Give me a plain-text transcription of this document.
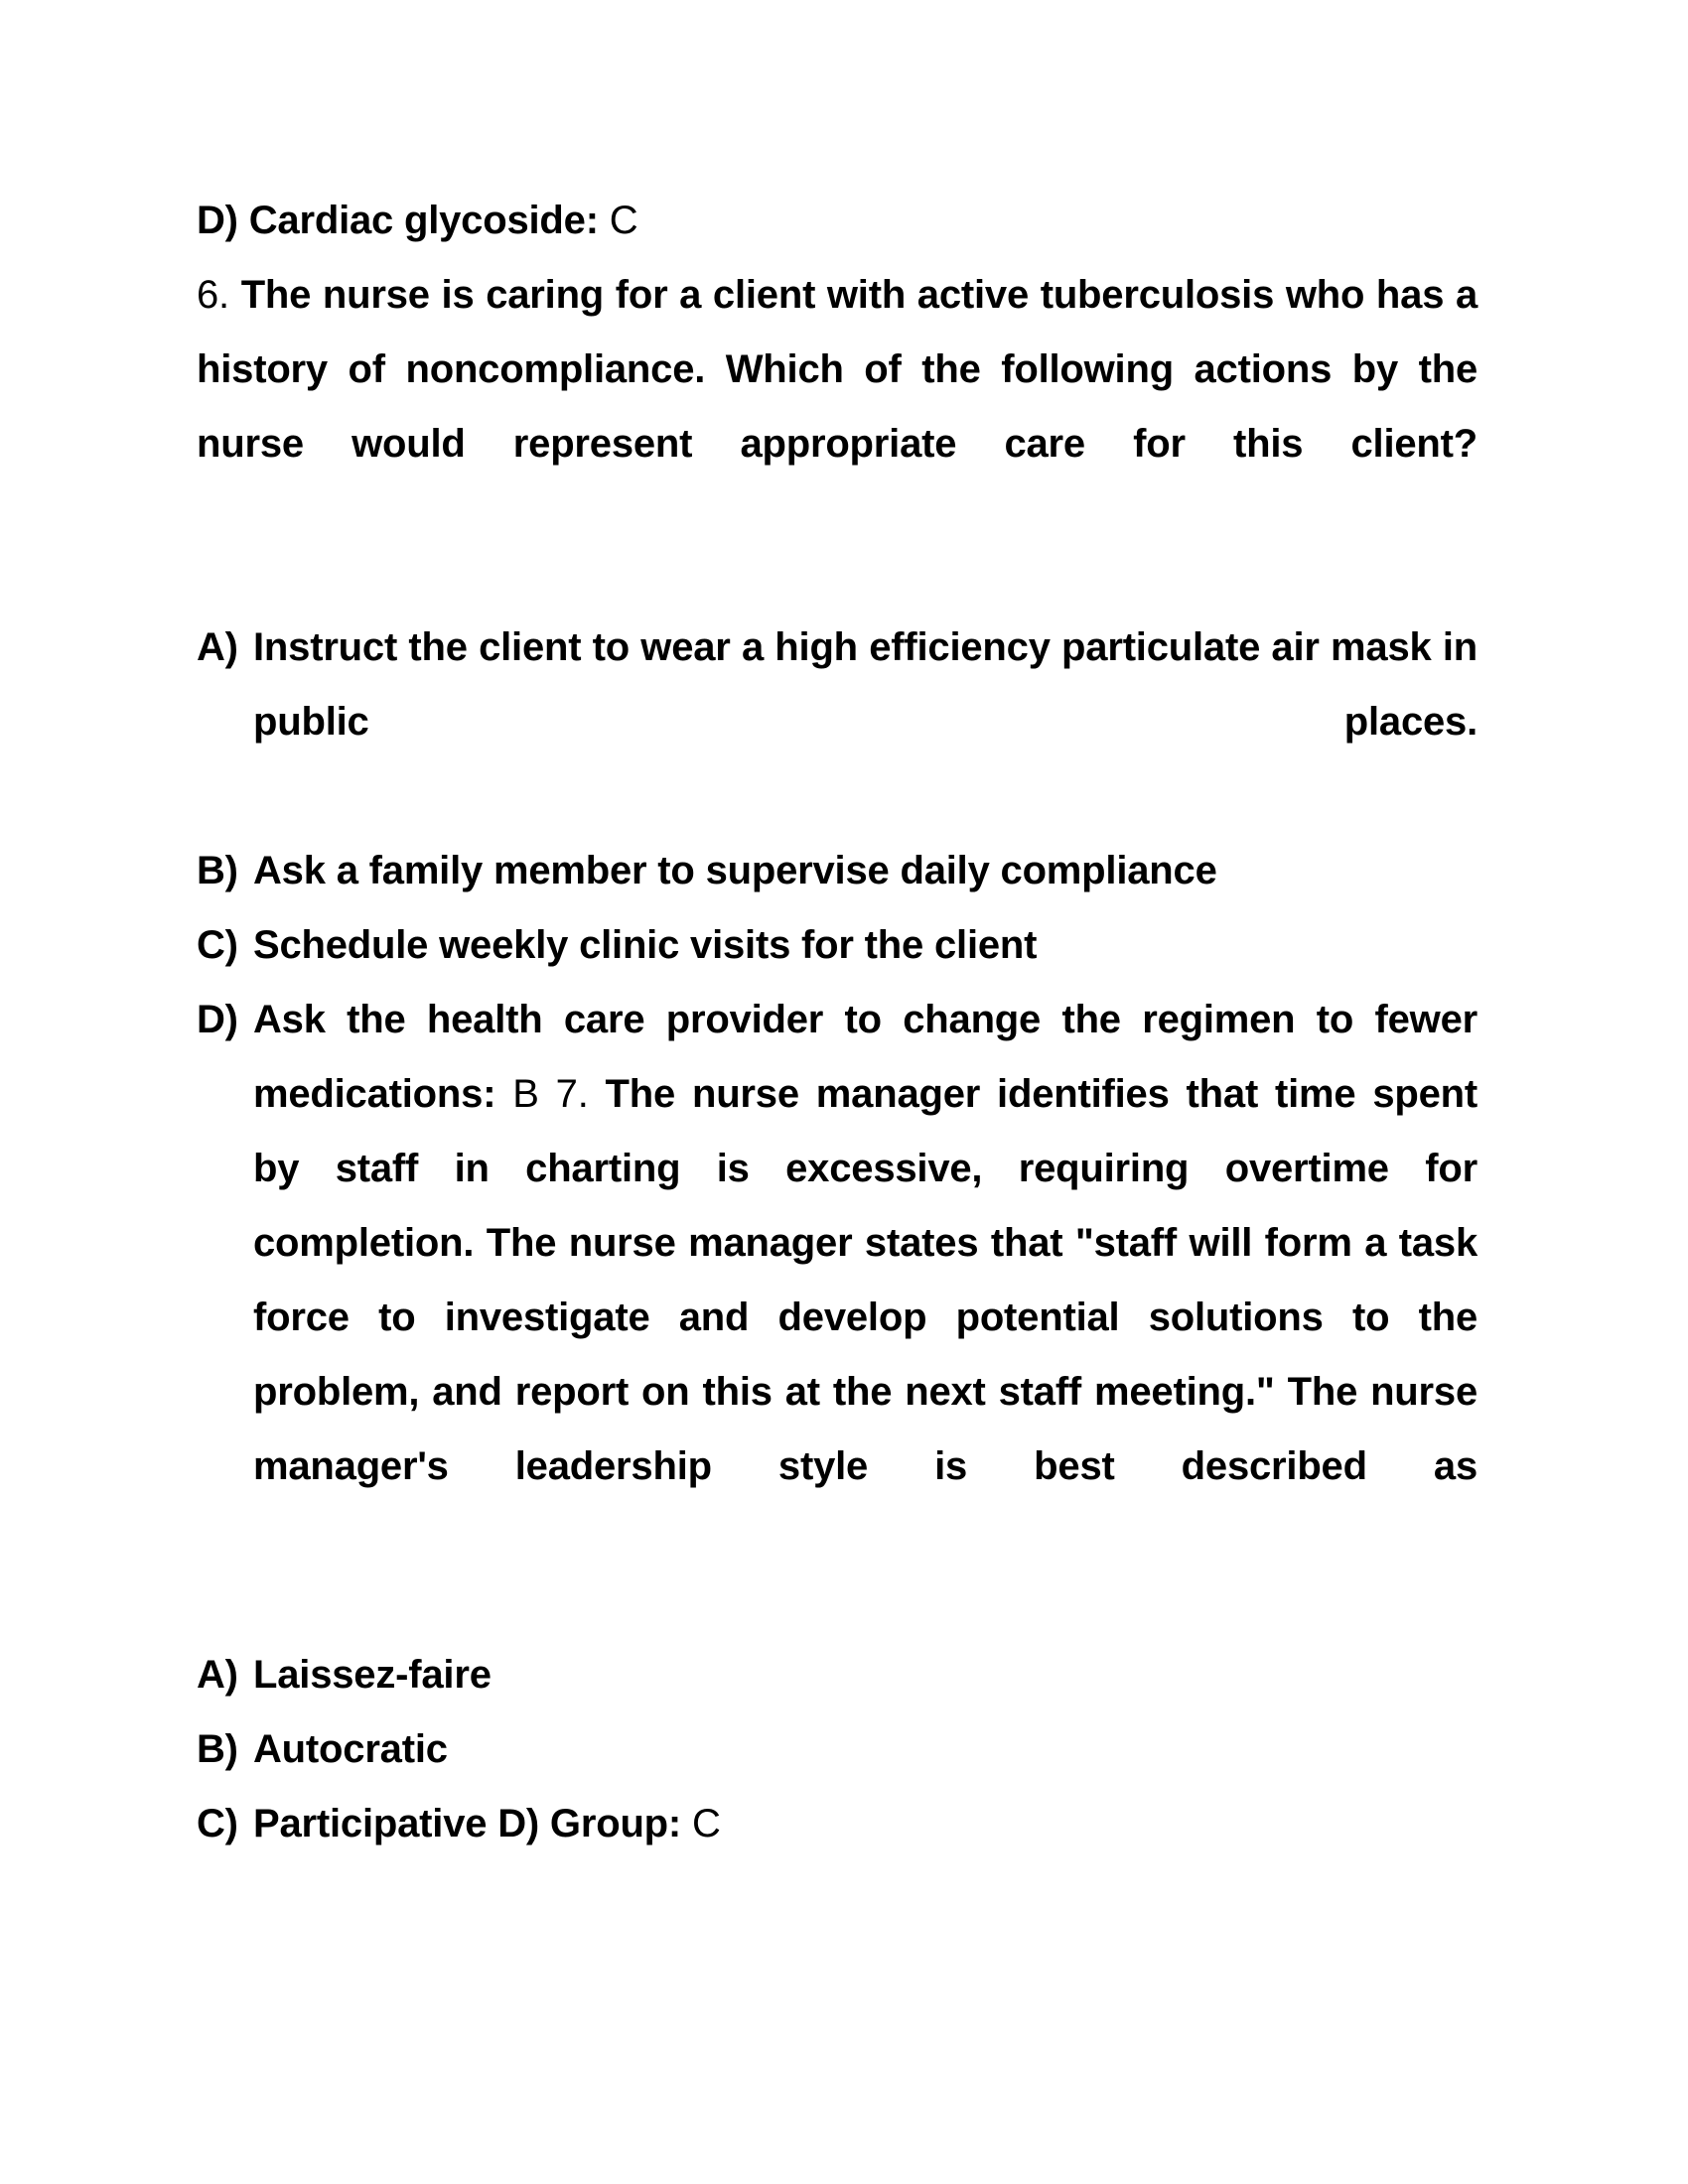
D) Cardiac glycoside: C

6. The nurse is caring for a client with active tuberculosis who has a history of noncompliance. Which of the following actions by the nurse would represent appropriate care for this client?

A) Instruct the client to wear a high efficiency particulate air mask in public places.

B) Ask a family member to supervise daily compliance

C) Schedule weekly clinic visits for the client

D) Ask the health care provider to change the regimen to fewer medications: B 7. The nurse manager identifies that time spent by staff in charting is excessive, requiring overtime for completion. The nurse manager states that "staff will form a task force to investigate and develop potential solutions to the problem, and report on this at the next staff meeting." The nurse manager's leadership style is best described as

A) Laissez-faire

B) Autocratic

C) Participative D) Group: C
